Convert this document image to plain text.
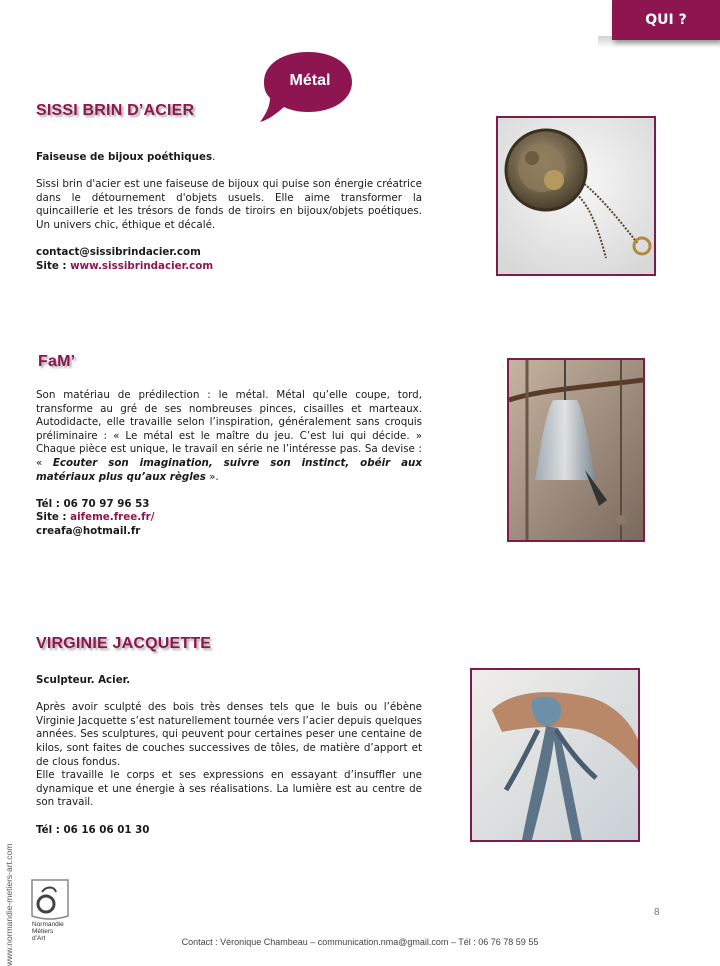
QUI ?
Métal
SISSI BRIN D’ACIER

Faiseuse de bijoux poéthiques.

Sissi brin d'acier est une faiseuse de bijoux qui puise son énergie créatrice dans le détournement d'objets usuels. Elle aime transformer la quincaillerie et les trésors de fonds de tiroirs en bijoux/objets poétiques. Un univers chic, éthique et décalé.

contact@sissibrindacier.com

Site : www.sissibrindacier.com

FaM’

Son matériau de prédilection : le métal. Métal qu’elle coupe, tord, transforme au gré de ses nombreuses pinces, cisailles et marteaux. Autodidacte, elle travaille selon l’inspiration, généralement sans croquis préliminaire : « Le métal est le maître du jeu. C’est lui qui décide. » Chaque pièce est unique, le travail en série ne l’intéresse pas. Sa devise : « Ecouter son imagination, suivre son instinct, obéir aux matériaux plus qu’aux règles ».

Tél : 06 70 97 96 53

Site : aifeme.free.fr/

creafa@hotmail.fr

VIRGINIE JACQUETTE

Sculpteur. Acier.

Après avoir sculpté des bois très denses tels que le buis ou l’ébène Virginie Jacquette s’est naturellement tournée vers l’acier depuis quelques années. Ses sculptures, qui peuvent pour certaines peser une centaine de kilos, sont faites de couches successives de tôles, de matière d’apport et de clous fondus.

Elle travaille le corps et ses expressions en essayant d’insuffler une dynamique et une énergie à ses réalisations. La lumière est au centre de son travail.

Tél : 06 16 06 01 30

www.normandie-metiers-art.com	Normandie
Métiers
d’Art
8
Contact : Véronique Chambeau – communication.nma@gmail.com – Tél : 06 76 78 59 55
